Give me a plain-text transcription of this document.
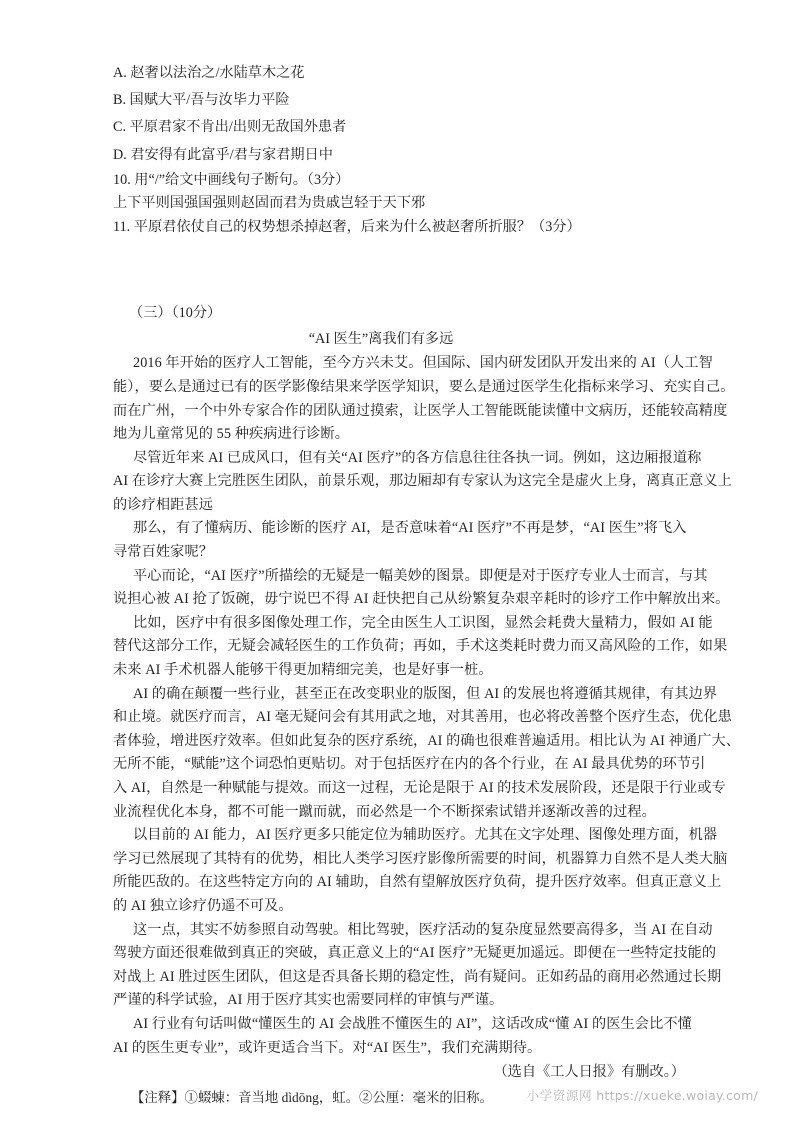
A. 赵奢以法治之/水陆草木之花
B. 国赋大平/吾与汝毕力平险
C. 平原君家不肯出/出则无敌国外患者
D. 君安得有此富乎/君与家君期日中
10. 用“/”给文中画线句子断句。（3分）
上下平则国强国强则赵固而君为贵戚岂轻于天下邪
11. 平原君依仗自己的权势想杀掉赵奢，后来为什么被赵奢所折服？（3分）
（三）（10分）
“AI 医生”离我们有多远
2016 年开始的医疗人工智能，至今方兴未艾。但国际、国内研发团队开发出来的 AI（人工智
能），要么是通过已有的医学影像结果来学医学知识，要么是通过医学生化指标来学习、充实自己。
而在广州，一个中外专家合作的团队通过摸索，让医学人工智能既能读懂中文病历，还能较高精度
地为儿童常见的 55 种疾病进行诊断。
尽管近年来 AI 已成风口，但有关“AI 医疗”的各方信息往往各执一词。例如，这边厢报道称
AI 在诊疗大赛上完胜医生团队，前景乐观，那边厢却有专家认为这完全是虚火上身，离真正意义上
的诊疗相距甚远
那么，有了懂病历、能诊断的医疗 AI，是否意味着“AI 医疗”不再是梦，“AI 医生”将飞入
寻常百姓家呢？
平心而论，“AI 医疗”所描绘的无疑是一幅美妙的图景。即便是对于医疗专业人士而言，与其
说担心被 AI 抢了饭碗，毋宁说巴不得 AI 赶快把自己从纷繁复杂艰辛耗时的诊疗工作中解放出来。
比如，医疗中有很多图像处理工作，完全由医生人工识图，显然会耗费大量精力，假如 AI 能
替代这部分工作，无疑会减轻医生的工作负荷；再如，手术这类耗时费力而又高风险的工作，如果
未来 AI 手术机器人能够干得更加精细完美，也是好事一桩。
AI 的确在颠覆一些行业，甚至正在改变职业的版图，但 AI 的发展也将遵循其规律，有其边界
和止境。就医疗而言，AI 毫无疑问会有其用武之地，对其善用，也必将改善整个医疗生态，优化患
者体验，增进医疗效率。但如此复杂的医疗系统，AI 的确也很难普遍适用。相比认为 AI 神通广大、
无所不能，“赋能”这个词恐怕更贴切。对于包括医疗在内的各个行业，在 AI 最具优势的环节引
入 AI，自然是一种赋能与提效。而这一过程，无论是限于 AI 的技术发展阶段，还是限于行业或专
业流程优化本身，都不可能一蹴而就，而必然是一个不断探索试错并逐渐改善的过程。
以目前的 AI 能力，AI 医疗更多只能定位为辅助医疗。尤其在文字处理、图像处理方面，机器
学习已然展现了其特有的优势，相比人类学习医疗影像所需要的时间，机器算力自然不是人类大脑
所能匹敌的。在这些特定方向的 AI 辅助，自然有望解放医疗负荷，提升医疗效率。但真正意义上
的 AI 独立诊疗仍遥不可及。
这一点，其实不妨参照自动驾驶。相比驾驶，医疗活动的复杂度显然要高得多，当 AI 在自动
驾驶方面还很难做到真正的突破，真正意义上的“AI 医疗”无疑更加遥远。即便在一些特定技能的
对战上 AI 胜过医生团队，但这是否具备长期的稳定性，尚有疑问。正如药品的商用必然通过长期
严谨的科学试验，AI 用于医疗其实也需要同样的审慎与严谨。
AI 行业有句话叫做“懂医生的 AI 会战胜不懂医生的 AI”，这话改成“懂 AI 的医生会比不懂
AI 的医生更专业”，或许更适合当下。对“AI 医生”，我们充满期待。
（选自《工人日报》有删改。）
【注释】①蝃蝀：音当地 dìdōng，虹。②公厘：毫米的旧称。	小学资源网 https://xueke.woiay.com/
